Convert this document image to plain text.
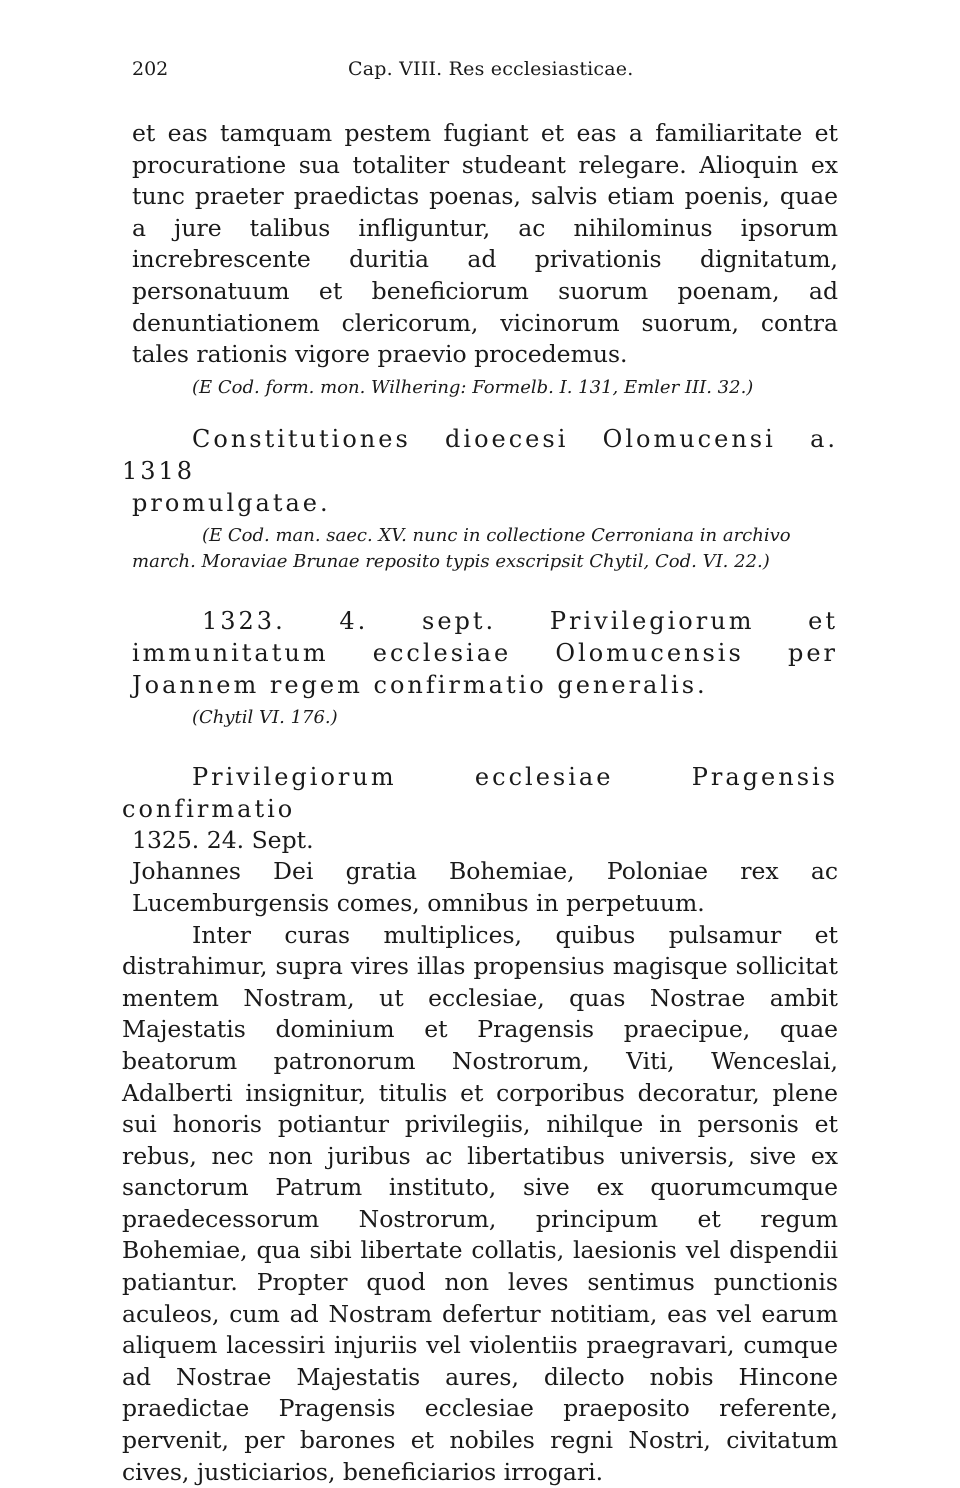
202	Cap. VIII. Res ecclesiasticae.

et eas tamquam pestem fugiant et eas a familiaritate et procuratione sua totaliter studeant relegare. Alioquin ex tunc praeter praedictas poenas, salvis etiam poenis, quae a jure talibus infliguntur, ac nihilominus ipsorum increbrescente duritia ad privationis dignitatum, personatuum et beneficiorum suorum poenam, ad denuntiationem clericorum, vicinorum suorum, contra tales rationis vigore praevio procedemus.

(E Cod. form. mon. Wilhering: Formelb. I. 131, Emler III. 32.)

Constitutiones dioecesi Olomucensi a. 1318

promulgatae.

(E Cod. man. saec. XV. nunc in collectione Cerroniana in archivo march. Moraviae Brunae reposito typis exscripsit Chytil, Cod. VI. 22.)

1323. 4. sept. Privilegiorum et immunitatum ecclesiae Olomucensis per Joannem regem confirmatio generalis.

(Chytil VI. 176.)

Privilegiorum ecclesiae Pragensis confirmatio

1325. 24. Sept.

Johannes Dei gratia Bohemiae, Poloniae rex ac Lucemburgensis comes, omnibus in perpetuum.

Inter curas multiplices, quibus pulsamur et distrahimur, supra vires illas propensius magisque sollicitat mentem Nostram, ut ecclesiae, quas Nostrae ambit Majestatis dominium et Pragensis praecipue, quae beatorum patronorum Nostrorum, Viti, Wenceslai, Adalberti insignitur, titulis et corporibus decoratur, plene sui honoris potiantur privilegiis, nihilque in personis et rebus, nec non juribus ac libertatibus universis, sive ex sanctorum Patrum instituto, sive ex quorumcumque praedecessorum Nostrorum, principum et regum Bohemiae, qua sibi libertate collatis, laesionis vel dispendii patiantur. Propter quod non leves sentimus punctionis aculeos, cum ad Nostram defertur notitiam, eas vel earum aliquem lacessiri injuriis vel violentiis praegravari, cumque ad Nostrae Majestatis aures, dilecto nobis Hincone praedictae Pragensis ecclesiae praeposito referente, pervenit, per barones et nobiles regni Nostri, civitatum cives, justiciarios, beneficiarios irrogari.
